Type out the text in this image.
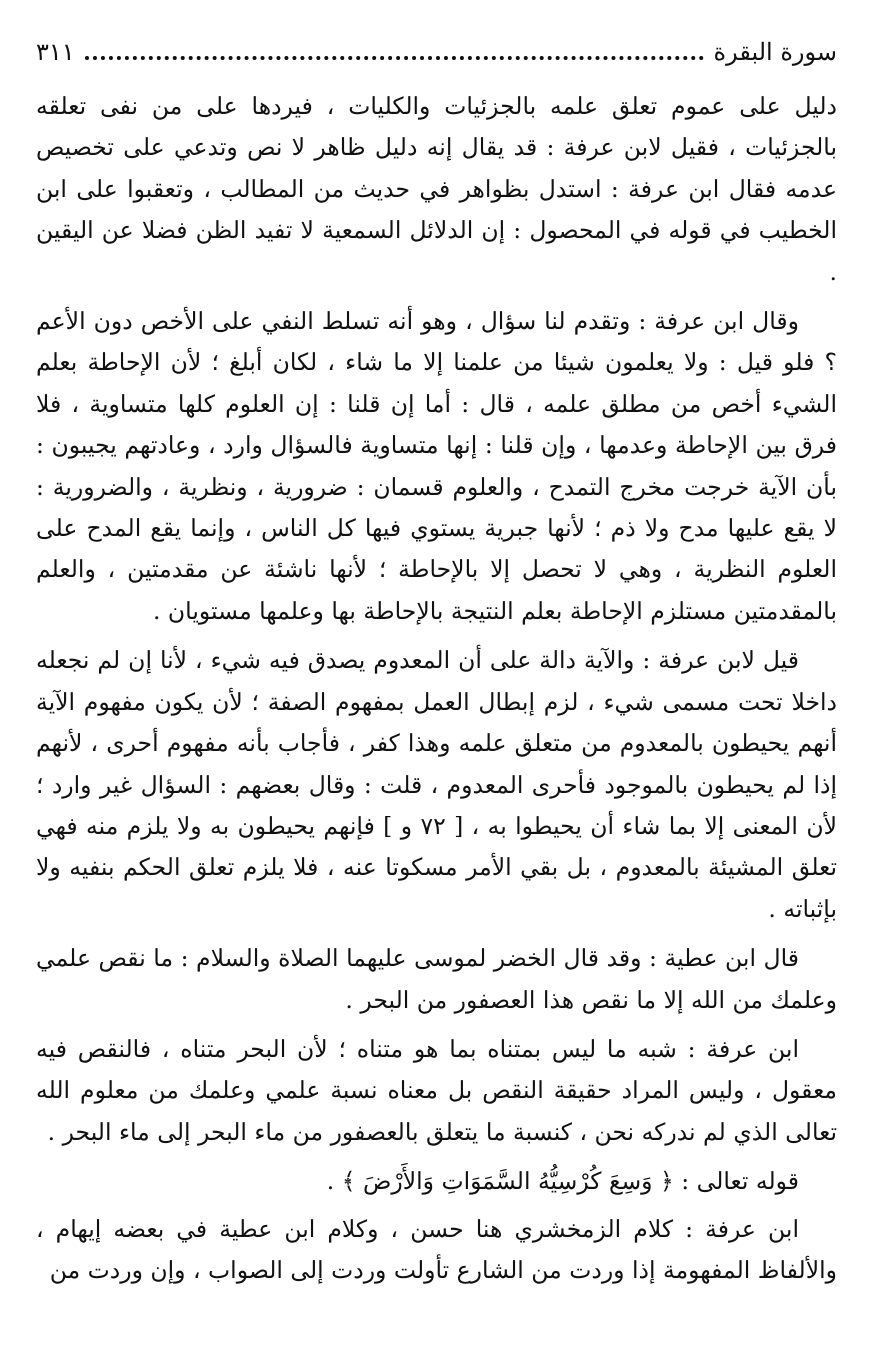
سورة البقرة
٣١١

دليل على عموم تعلق علمه بالجزئيات والكليات ، فيردها على من نفى تعلقه بالجزئيات ، فقيل لابن عرفة : قد يقال إنه دليل ظاهر لا نص وتدعي على تخصيص عدمه فقال ابن عرفة : استدل بظواهر في حديث من المطالب ، وتعقبوا على ابن الخطيب في قوله في المحصول : إن الدلائل السمعية لا تفيد الظن فضلا عن اليقين .

وقال ابن عرفة : وتقدم لنا سؤال ، وهو أنه تسلط النفي على الأخص دون الأعم ؟ فلو قيل : ولا يعلمون شيئا من علمنا إلا ما شاء ، لكان أبلغ ؛ لأن الإحاطة بعلم الشيء أخص من مطلق علمه ، قال : أما إن قلنا : إن العلوم كلها متساوية ، فلا فرق بين الإحاطة وعدمها ، وإن قلنا : إنها متساوية فالسؤال وارد ، وعادتهم يجيبون : بأن الآية خرجت مخرج التمدح ، والعلوم قسمان : ضرورية ، ونظرية ، والضرورية : لا يقع عليها مدح ولا ذم ؛ لأنها جبرية يستوي فيها كل الناس ، وإنما يقع المدح على العلوم النظرية ، وهي لا تحصل إلا بالإحاطة ؛ لأنها ناشئة عن مقدمتين ، والعلم بالمقدمتين مستلزم الإحاطة بعلم النتيجة بالإحاطة بها وعلمها مستويان .

قيل لابن عرفة : والآية دالة على أن المعدوم يصدق فيه شيء ، لأنا إن لم نجعله داخلا تحت مسمى شيء ، لزم إبطال العمل بمفهوم الصفة ؛ لأن يكون مفهوم الآية أنهم يحيطون بالمعدوم من متعلق علمه وهذا كفر ، فأجاب بأنه مفهوم أحرى ، لأنهم إذا لم يحيطون بالموجود فأحرى المعدوم ، قلت : وقال بعضهم : السؤال غير وارد ؛ لأن المعنى إلا بما شاء أن يحيطوا به ، [ ٧٢ و ] فإنهم يحيطون به ولا يلزم منه فهي تعلق المشيئة بالمعدوم ، بل بقي الأمر مسكوتا عنه ، فلا يلزم تعلق الحكم بنفيه ولا بإثباته .

قال ابن عطية : وقد قال الخضر لموسى عليهما الصلاة والسلام : ما نقص علمي وعلمك من الله إلا ما نقص هذا العصفور من البحر .

ابن عرفة : شبه ما ليس بمتناه بما هو متناه ؛ لأن البحر متناه ، فالنقص فيه معقول ، وليس المراد حقيقة النقص بل معناه نسبة علمي وعلمك من معلوم الله تعالى الذي لم ندركه نحن ، كنسبة ما يتعلق بالعصفور من ماء البحر إلى ماء البحر .

قوله تعالى : ﴿ وَسِعَ كُرْسِيُّهُ السَّمَوَاتِ وَالأَرْضَ ﴾ .

ابن عرفة : كلام الزمخشري هنا حسن ، وكلام ابن عطية في بعضه إيهام ، والألفاظ المفهومة إذا وردت من الشارع تأولت وردت إلى الصواب ، وإن وردت من
